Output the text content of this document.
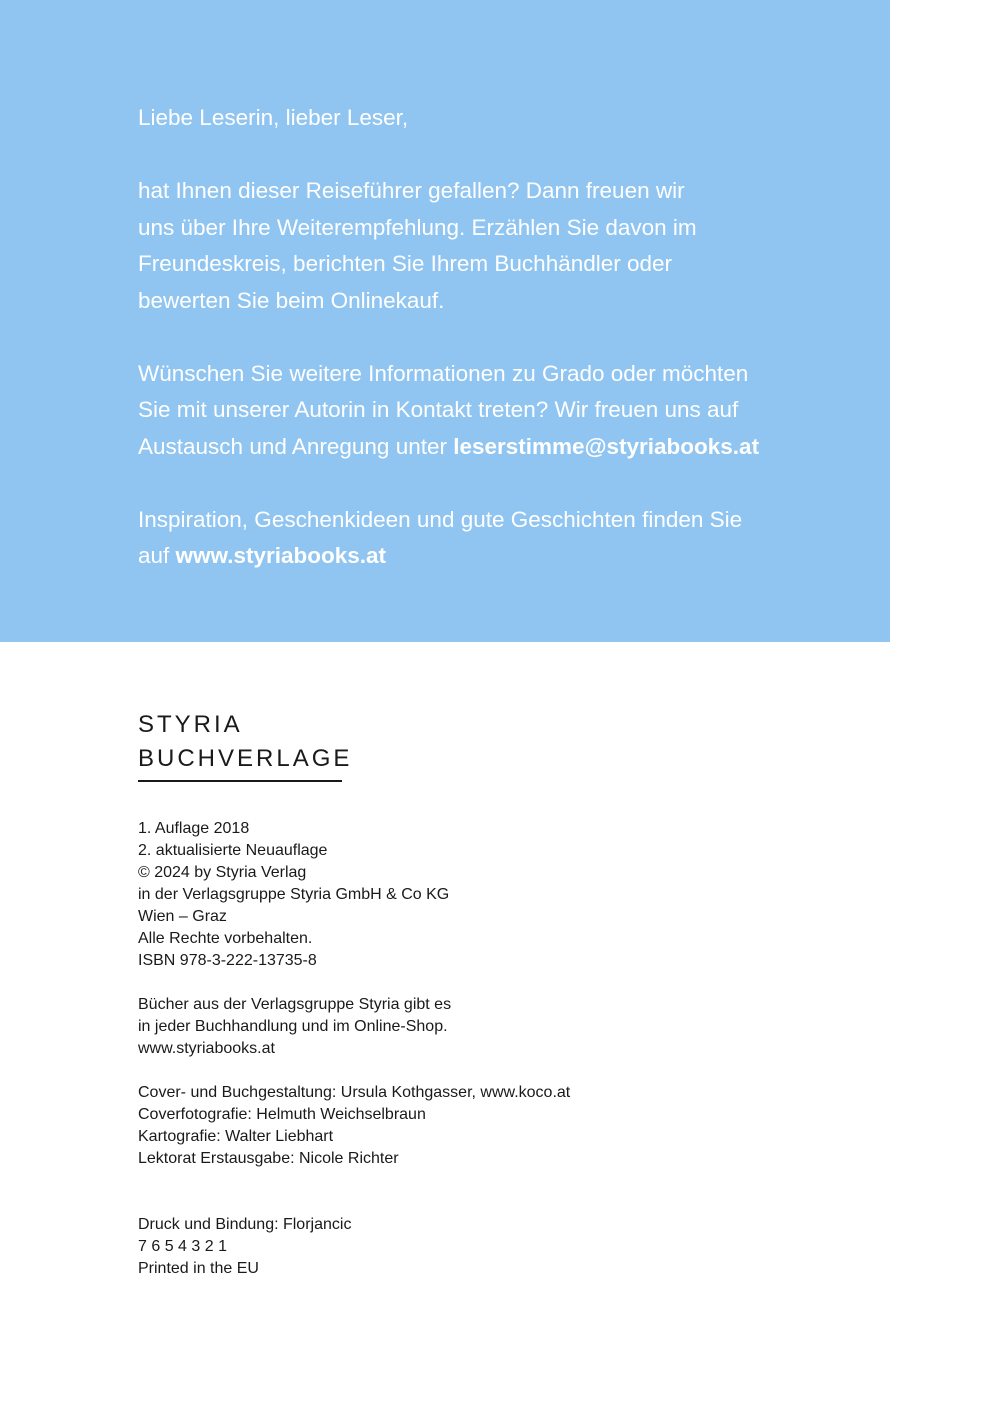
Liebe Leserin, lieber Leser,

hat Ihnen dieser Reiseführer gefallen? Dann freuen wir
uns über Ihre Weiterempfehlung. Erzählen Sie davon im
Freundeskreis, berichten Sie Ihrem Buchhändler oder
bewerten Sie beim Onlinekauf.

Wünschen Sie weitere Informationen zu Grado oder möchten
Sie mit unserer Autorin in Kontakt treten? Wir freuen uns auf
Austausch und Anregung unter leserstimme@styriabooks.at

Inspiration, Geschenkideen und gute Geschichten finden Sie
auf www.styriabooks.at

STYRIA
BUCHVERLAGE
1. Auflage 2018
2. aktualisierte Neuauflage
© 2024 by Styria Verlag
in der Verlagsgruppe Styria GmbH & Co KG
Wien – Graz
Alle Rechte vorbehalten.
ISBN 978-3-222-13735-8
Bücher aus der Verlagsgruppe Styria gibt es
in jeder Buchhandlung und im Online-Shop.
www.styriabooks.at
Cover- und Buchgestaltung: Ursula Kothgasser, www.koco.at
Coverfotografie: Helmuth Weichselbraun
Kartografie: Walter Liebhart
Lektorat Erstausgabe: Nicole Richter
Druck und Bindung: Florjancic
7 6 5 4 3 2 1
Printed in the EU
